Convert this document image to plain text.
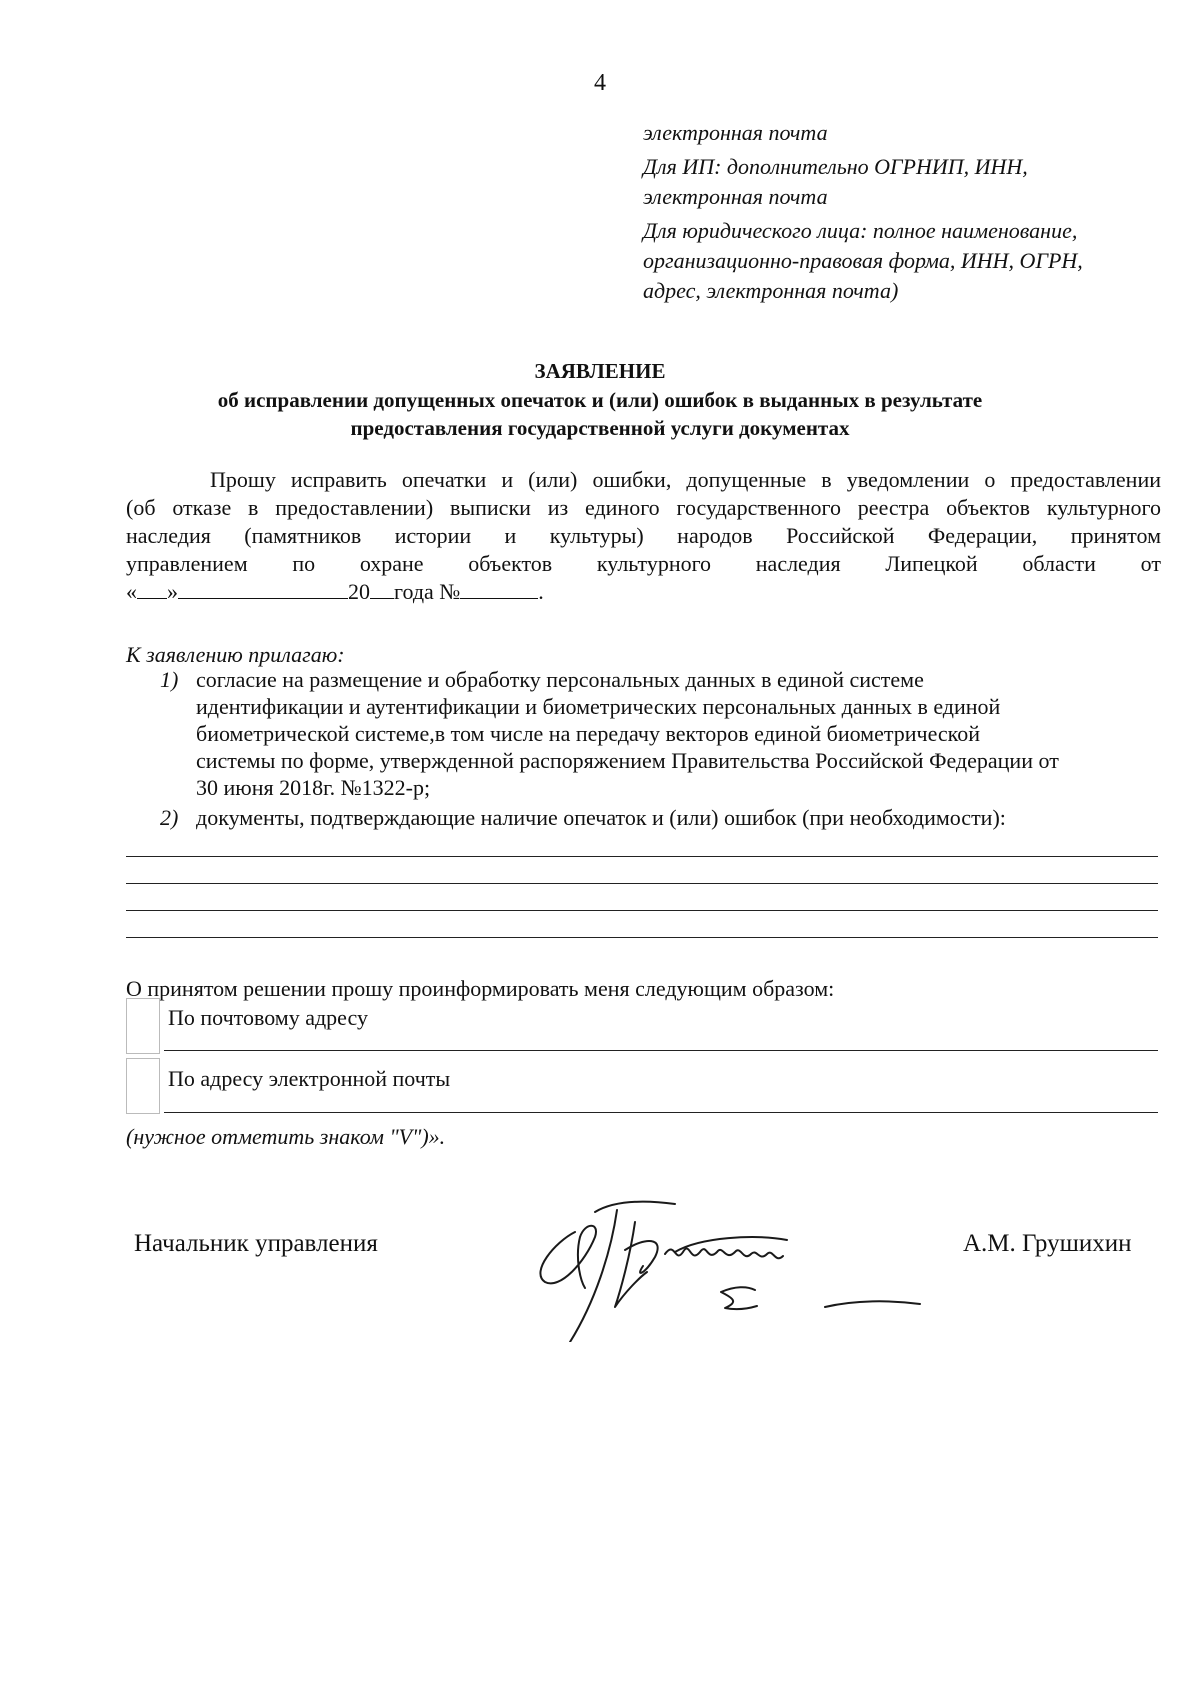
4
электронная почта
Для ИП: дополнительно ОГРНИП, ИНН,
электронная почта
Для юридического лица: полное наименование,
организационно-правовая форма, ИНН, ОГРН,
адрес, электронная почта)
ЗАЯВЛЕНИЕ
об исправлении допущенных опечаток и (или) ошибок в выданных в результате
предоставления государственной услуги документах
Прошу исправить опечатки и (или) ошибки, допущенные в уведомлении о предоставлении
(об отказе в предоставлении) выписки из единого государственного реестра объектов культурного
наследия (памятников истории и культуры) народов Российской Федерации, принятом
управлением по охране объектов культурного наследия Липецкой области от
« »	20 года №	.
К заявлению прилагаю:
1) согласие на размещение и обработку персональных данных в единой системе
идентификации и аутентификации и биометрических персональных данных в единой
биометрической системе,в том числе на передачу векторов единой биометрической
системы по форме, утвержденной распоряжением Правительства Российской Федерации от
30 июня 2018г. №1322-р;
2) документы, подтверждающие наличие опечаток и (или) ошибок (при необходимости):
О принятом решении прошу проинформировать меня следующим образом:
По почтовому адресу
По адресу электронной почты
(нужное отметить знаком "V")».
Начальник управления	А.М. Грушихин
